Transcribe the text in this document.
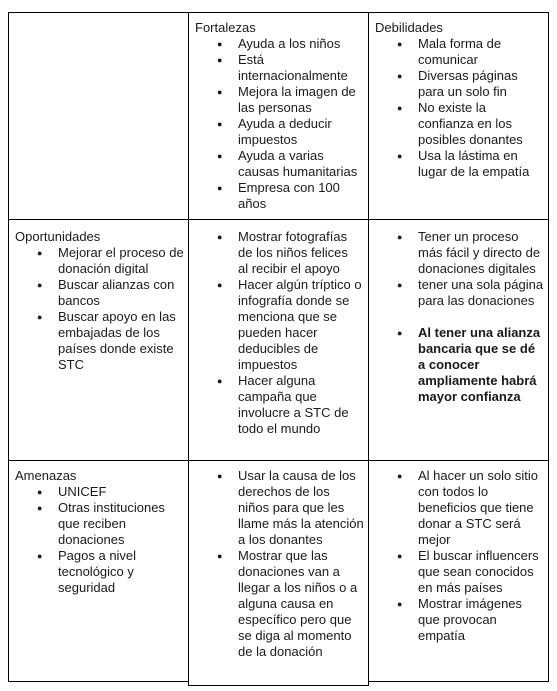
Fortalezas
● Ayuda a los niños
● Está internacionalmente
● Mejora la imagen de las personas
● Ayuda a deducir impuestos
● Ayuda a varias causas humanitarias
● Empresa con 100 años
Debilidades
● Mala forma de comunicar
● Diversas páginas para un solo fin
● No existe la confianza en los posibles donantes
● Usa la lástima en lugar de la empatía
Oportunidades
● Mejorar el proceso de donación digital
● Buscar alianzas con bancos
● Buscar apoyo en las embajadas de los países donde existe STC
● Mostrar fotografías de los niños felices al recibir el apoyo
● Hacer algún tríptico o infografía donde se menciona que se pueden hacer deducibles de impuestos
● Hacer alguna campaña que involucre a STC de todo el mundo
● Tener un proceso más fácil y directo de donaciones digitales
● tener una sola página para las donaciones
● Al tener una alianza bancaria que se dé a conocer ampliamente habrá mayor confianza
Amenazas
● UNICEF
● Otras instituciones que reciben donaciones
● Pagos a nivel tecnológico y seguridad
● Usar la causa de los derechos de los niños para que les llame más la atención a los donantes
● Mostrar que las donaciones van a llegar a los niños o a alguna causa en específico pero que se diga al momento de la donación
● Al hacer un solo sitio con todos lo beneficios que tiene donar a STC será mejor
● El buscar influencers que sean conocidos en más países
● Mostrar imágenes que provocan empatía
